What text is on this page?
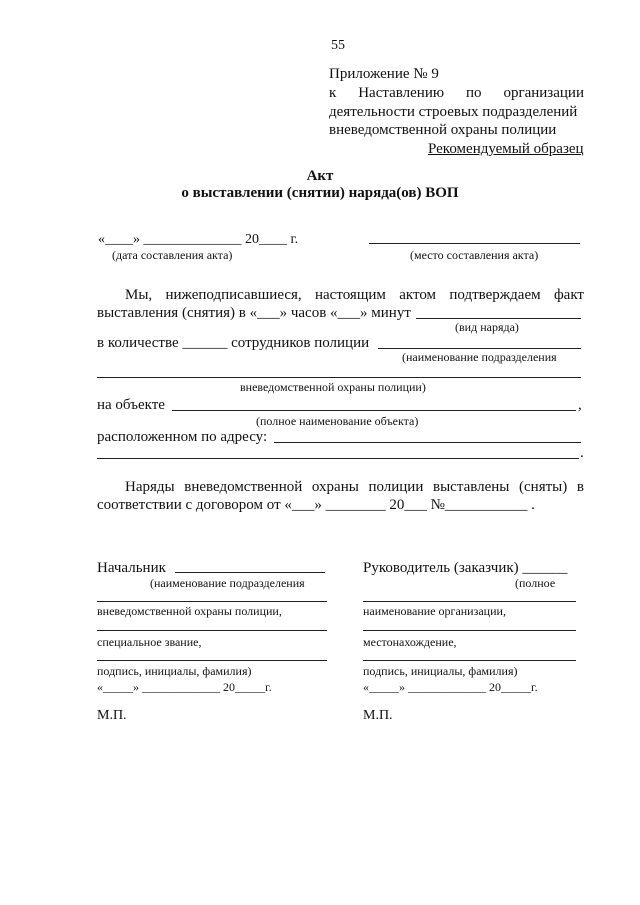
55
Приложение № 9
к Наставлению по организации
деятельности строевых подразделений
вневедомственной охраны полиции
Рекомендуемый образец
Акт
о выставлении (снятии) наряда(ов) ВОП
«____» ______________ 20____ г.
(дата составления акта)	(место составления акта)
Мы, нижеподписавшиеся, настоящим актом подтверждаем факт
выставления (снятия) в «___» часов «___» минут
(вид наряда)
в количестве ______ сотрудников полиции
(наименование подразделения
вневедомственной охраны полиции)
на объекте	,
(полное наименование объекта)
расположенном по адресу:
.
Наряды вневедомственной охраны полиции выставлены (сняты) в
соответствии с договором от «___» ________ 20___ №___________ .
Начальник
(наименование подразделения
вневедомственной охраны полиции,
специальное звание,
подпись, инициалы, фамилия)
«_____» _____________ 20_____г.
М.П.
Руководитель (заказчик) ______
(полное
наименование организации,
местонахождение,
подпись, инициалы, фамилия)
«_____» _____________ 20_____г.
М.П.
